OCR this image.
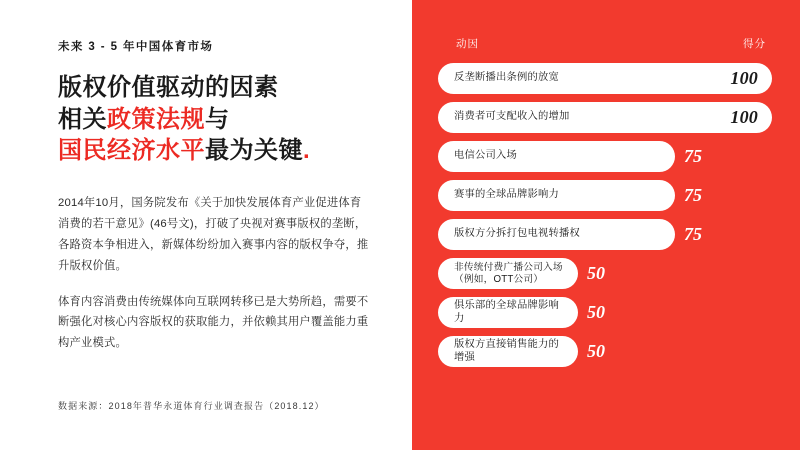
未来 3 - 5 年中国体育市场
版权价值驱动的因素
相关政策法规与
国民经济水平最为关键.

2014年10月，国务院发布《关于加快发展体育产业促进体育消费的若干意见》(46号文)，打破了央视对赛事版权的垄断，各路资本争相进入，新媒体纷纷加入赛事内容的版权争夺，推升版权价值。

体育内容消费由传统媒体向互联网转移已是大势所趋，需要不断强化对核心内容版权的获取能力，并依赖其用户覆盖能力重构产业模式。

数据来源：2018年普华永道体育行业调查报告（2018.12）
动因	得分
反垄断播出条例的放宽	100
消费者可支配收入的增加	100
电信公司入场	75
赛事的全球品牌影响力	75
版权方分拆打包电视转播权	75
非传统付费广播公司入场
（例如，OTT公司）	50
俱乐部的全球品牌影响力	50
版权方直接销售能力的增强	50
